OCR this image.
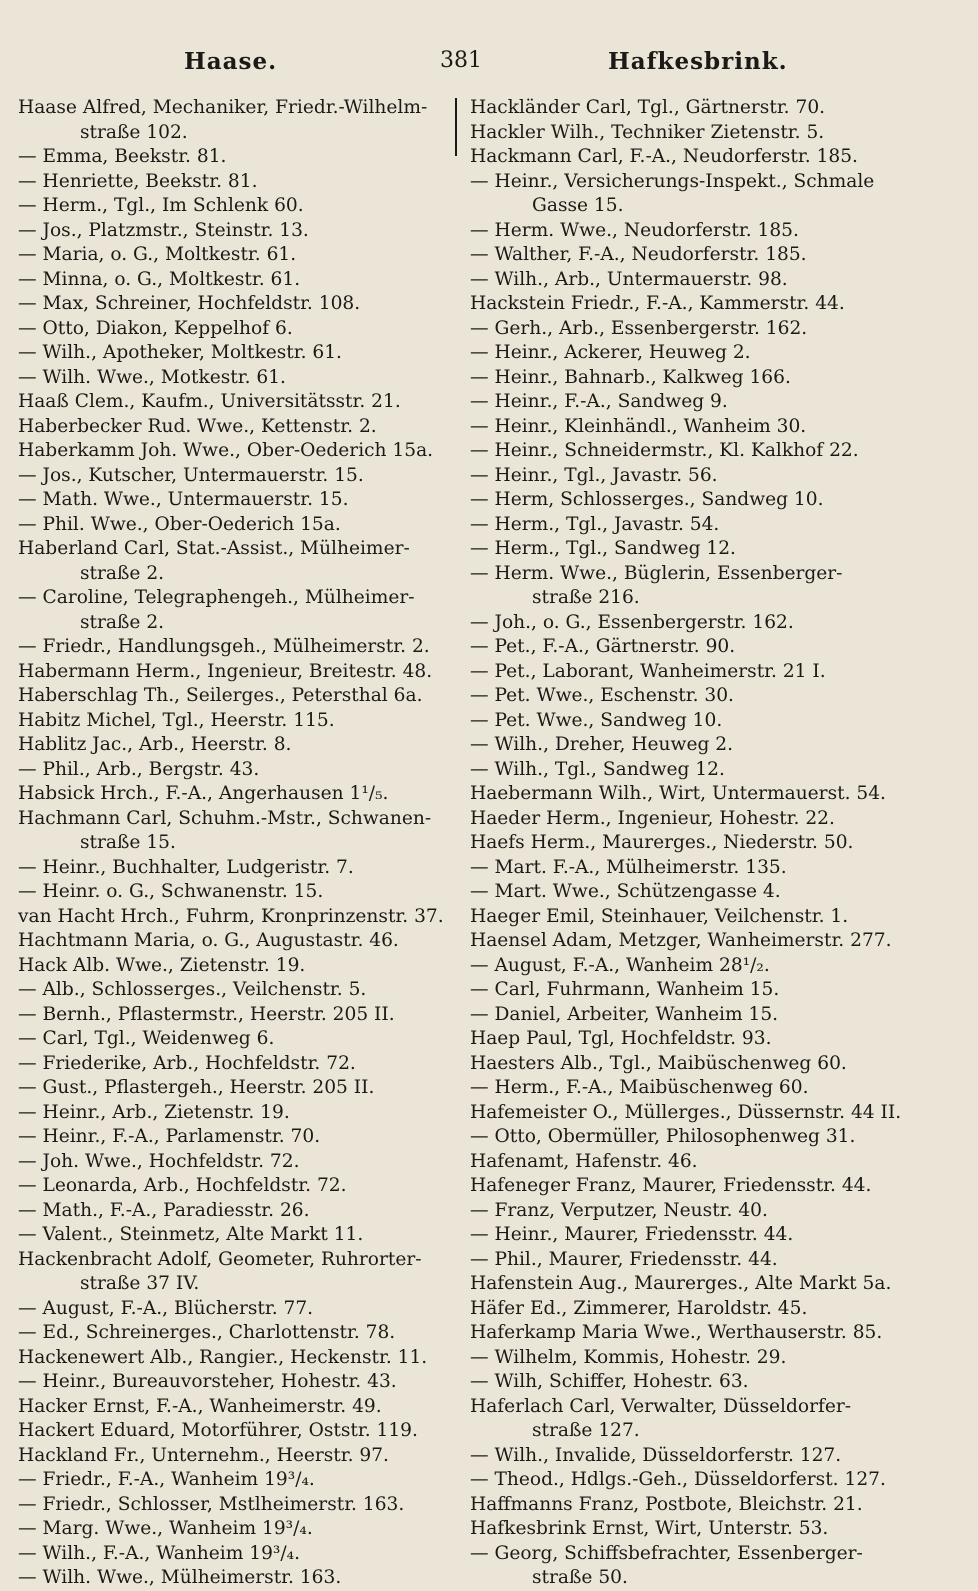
Haase.	381	Hafkesbrink.
Haase Alfred, Mechaniker, Friedr.-Wilhelm-
straße 102.
— Emma, Beekstr. 81.
— Henriette, Beekstr. 81.
— Herm., Tgl., Im Schlenk 60.
— Jos., Platzmstr., Steinstr. 13.
— Maria, o. G., Moltkestr. 61.
— Minna, o. G., Moltkestr. 61.
— Max, Schreiner, Hochfeldstr. 108.
— Otto, Diakon, Keppelhof 6.
— Wilh., Apotheker, Moltkestr. 61.
— Wilh. Wwe., Motkestr. 61.
Haaß Clem., Kaufm., Universitätsstr. 21.
Haberbecker Rud. Wwe., Kettenstr. 2.
Haberkamm Joh. Wwe., Ober-Oederich 15a.
— Jos., Kutscher, Untermauerstr. 15.
— Math. Wwe., Untermauerstr. 15.
— Phil. Wwe., Ober-Oederich 15a.
Haberland Carl, Stat.-Assist., Mülheimer-
straße 2.
— Caroline, Telegraphengeh., Mülheimer-
straße 2.
— Friedr., Handlungsgeh., Mülheimerstr. 2.
Habermann Herm., Ingenieur, Breitestr. 48.
Haberschlag Th., Seilerges., Petersthal 6a.
Habitz Michel, Tgl., Heerstr. 115.
Hablitz Jac., Arb., Heerstr. 8.
— Phil., Arb., Bergstr. 43.
Habsick Hrch., F.-A., Angerhausen 1¹/₅.
Hachmann Carl, Schuhm.-Mstr., Schwanen-
straße 15.
— Heinr., Buchhalter, Ludgeristr. 7.
— Heinr. o. G., Schwanenstr. 15.
van Hacht Hrch., Fuhrm, Kronprinzenstr. 37.
Hachtmann Maria, o. G., Augustastr. 46.
Hack Alb. Wwe., Zietenstr. 19.
— Alb., Schlosserges., Veilchenstr. 5.
— Bernh., Pflastermstr., Heerstr. 205 II.
— Carl, Tgl., Weidenweg 6.
— Friederike, Arb., Hochfeldstr. 72.
— Gust., Pflastergeh., Heerstr. 205 II.
— Heinr., Arb., Zietenstr. 19.
— Heinr., F.-A., Parlamenstr. 70.
— Joh. Wwe., Hochfeldstr. 72.
— Leonarda, Arb., Hochfeldstr. 72.
— Math., F.-A., Paradiesstr. 26.
— Valent., Steinmetz, Alte Markt 11.
Hackenbracht Adolf, Geometer, Ruhrorter-
straße 37 IV.
— August, F.-A., Blücherstr. 77.
— Ed., Schreinerges., Charlottenstr. 78.
Hackenewert Alb., Rangier., Heckenstr. 11.
— Heinr., Bureauvorsteher, Hohestr. 43.
Hacker Ernst, F.-A., Wanheimerstr. 49.
Hackert Eduard, Motorführer, Oststr. 119.
Hackland Fr., Unternehm., Heerstr. 97.
— Friedr., F.-A., Wanheim 19³/₄.
— Friedr., Schlosser, Mstlheimerstr. 163.
— Marg. Wwe., Wanheim 19³/₄.
— Wilh., F.-A., Wanheim 19³/₄.
— Wilh. Wwe., Mülheimerstr. 163.
Hackländer Carl, Tgl., Gärtnerstr. 70.
Hackler Wilh., Techniker Zietenstr. 5.
Hackmann Carl, F.-A., Neudorferstr. 185.
— Heinr., Versicherungs-Inspekt., Schmale
Gasse 15.
— Herm. Wwe., Neudorferstr. 185.
— Walther, F.-A., Neudorferstr. 185.
— Wilh., Arb., Untermauerstr. 98.
Hackstein Friedr., F.-A., Kammerstr. 44.
— Gerh., Arb., Essenbergerstr. 162.
— Heinr., Ackerer, Heuweg 2.
— Heinr., Bahnarb., Kalkweg 166.
— Heinr., F.-A., Sandweg 9.
— Heinr., Kleinhändl., Wanheim 30.
— Heinr., Schneidermstr., Kl. Kalkhof 22.
— Heinr., Tgl., Javastr. 56.
— Herm, Schlosserges., Sandweg 10.
— Herm., Tgl., Javastr. 54.
— Herm., Tgl., Sandweg 12.
— Herm. Wwe., Büglerin, Essenberger-
straße 216.
— Joh., o. G., Essenbergerstr. 162.
— Pet., F.-A., Gärtnerstr. 90.
— Pet., Laborant, Wanheimerstr. 21 I.
— Pet. Wwe., Eschenstr. 30.
— Pet. Wwe., Sandweg 10.
— Wilh., Dreher, Heuweg 2.
— Wilh., Tgl., Sandweg 12.
Haebermann Wilh., Wirt, Untermauerst. 54.
Haeder Herm., Ingenieur, Hohestr. 22.
Haefs Herm., Maurerges., Niederstr. 50.
— Mart. F.-A., Mülheimerstr. 135.
— Mart. Wwe., Schützengasse 4.
Haeger Emil, Steinhauer, Veilchenstr. 1.
Haensel Adam, Metzger, Wanheimerstr. 277.
— August, F.-A., Wanheim 28¹/₂.
— Carl, Fuhrmann, Wanheim 15.
— Daniel, Arbeiter, Wanheim 15.
Haep Paul, Tgl, Hochfeldstr. 93.
Haesters Alb., Tgl., Maibüschenweg 60.
— Herm., F.-A., Maibüschenweg 60.
Hafemeister O., Müllerges., Düssernstr. 44 II.
— Otto, Obermüller, Philosophenweg 31.
Hafenamt, Hafenstr. 46.
Hafeneger Franz, Maurer, Friedensstr. 44.
— Franz, Verputzer, Neustr. 40.
— Heinr., Maurer, Friedensstr. 44.
— Phil., Maurer, Friedensstr. 44.
Hafenstein Aug., Maurerges., Alte Markt 5a.
Häfer Ed., Zimmerer, Haroldstr. 45.
Haferkamp Maria Wwe., Werthauserstr. 85.
— Wilhelm, Kommis, Hohestr. 29.
— Wilh, Schiffer, Hohestr. 63.
Haferlach Carl, Verwalter, Düsseldorfer-
straße 127.
— Wilh., Invalide, Düsseldorferstr. 127.
— Theod., Hdlgs.-Geh., Düsseldorferst. 127.
Haffmanns Franz, Postbote, Bleichstr. 21.
Hafkesbrink Ernst, Wirt, Unterstr. 53.
— Georg, Schiffsbefrachter, Essenberger-
straße 50.
